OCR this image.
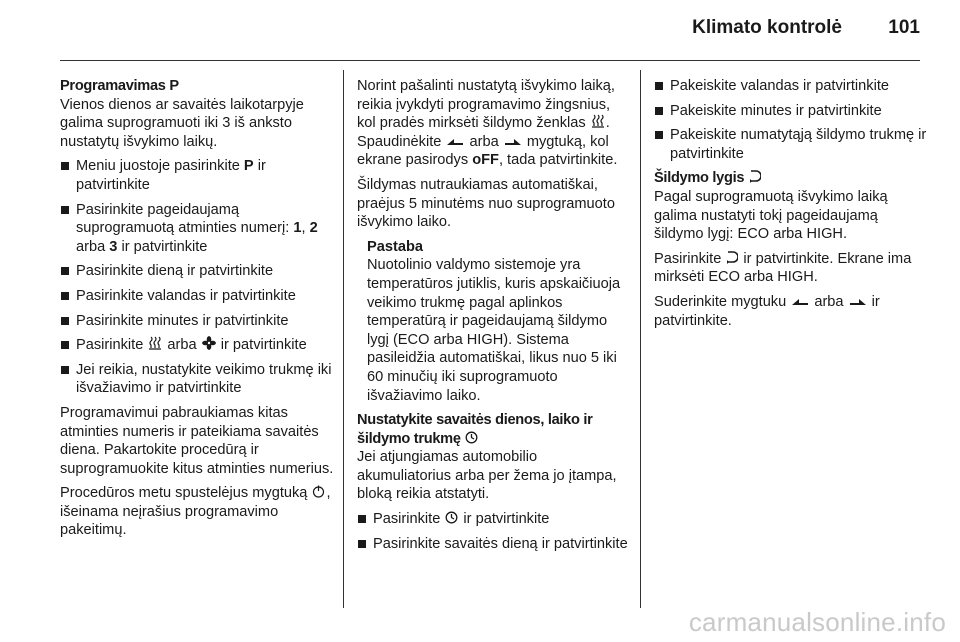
Klimato kontrolė 101
Programavimas P

Vienos dienos ar savaitės laikotarpyje galima suprogramuoti iki 3 iš anksto nustatytų išvykimo laikų.

Meniu juostoje pasirinkite P ir patvirtinkite
Pasirinkite pageidaujamą suprogramuotą atminties numerį: 1, 2 arba 3 ir patvirtinkite
Pasirinkite dieną ir patvirtinkite
Pasirinkite valandas ir patvirtinkite
Pasirinkite minutes ir patvirtinkite
Pasirinkite  arba  ir patvirtinkite
Jei reikia, nustatykite veikimo trukmę iki išvažiavimo ir patvirtinkite

Programavimui pabraukiamas kitas atminties numeris ir pateikiama savaitės diena. Pakartokite procedūrą ir suprogramuokite kitus atminties numerius.

Procedūros metu spustelėjus mygtuką , išeinama neįrašius programavimo pakeitimų.

Norint pašalinti nustatytą išvykimo laiką, reikia įvykdyti programavimo žingsnius, kol pradės mirksėti šildymo ženklas . Spaudinėkite  arba  mygtuką, kol ekrane pasirodys oFF, tada patvirtinkite.

Šildymas nutraukiamas automatiškai, praėjus 5 minutėms nuo suprogramuoto išvykimo laiko.

Pastaba
Nuotolinio valdymo sistemoje yra temperatūros jutiklis, kuris apskaičiuoja veikimo trukmę pagal aplinkos temperatūrą ir pageidaujamą šildymo lygį (ECO arba HIGH). Sistema pasileidžia automatiškai, likus nuo 5 iki 60 minučių iki suprogramuoto išvažiavimo laiko.
Nustatykite savaitės dienos, laiko ir šildymo trukmę

Jei atjungiamas automobilio akumuliatorius arba per žema jo įtampa, bloką reikia atstatyti.

Pasirinkite  ir patvirtinkite
Pasirinkite savaitės dieną ir patvirtinkite
Pakeiskite valandas ir patvirtinkite
Pakeiskite minutes ir patvirtinkite
Pakeiskite numatytąją šildymo trukmę ir patvirtinkite
Šildymo lygis

Pagal suprogramuotą išvykimo laiką galima nustatyti tokį pageidaujamą šildymo lygį: ECO arba HIGH.

Pasirinkite  ir patvirtinkite. Ekrane ima mirksėti ECO arba HIGH.

Suderinkite mygtuku  arba  ir patvirtinkite.

carmanualsonline.info
